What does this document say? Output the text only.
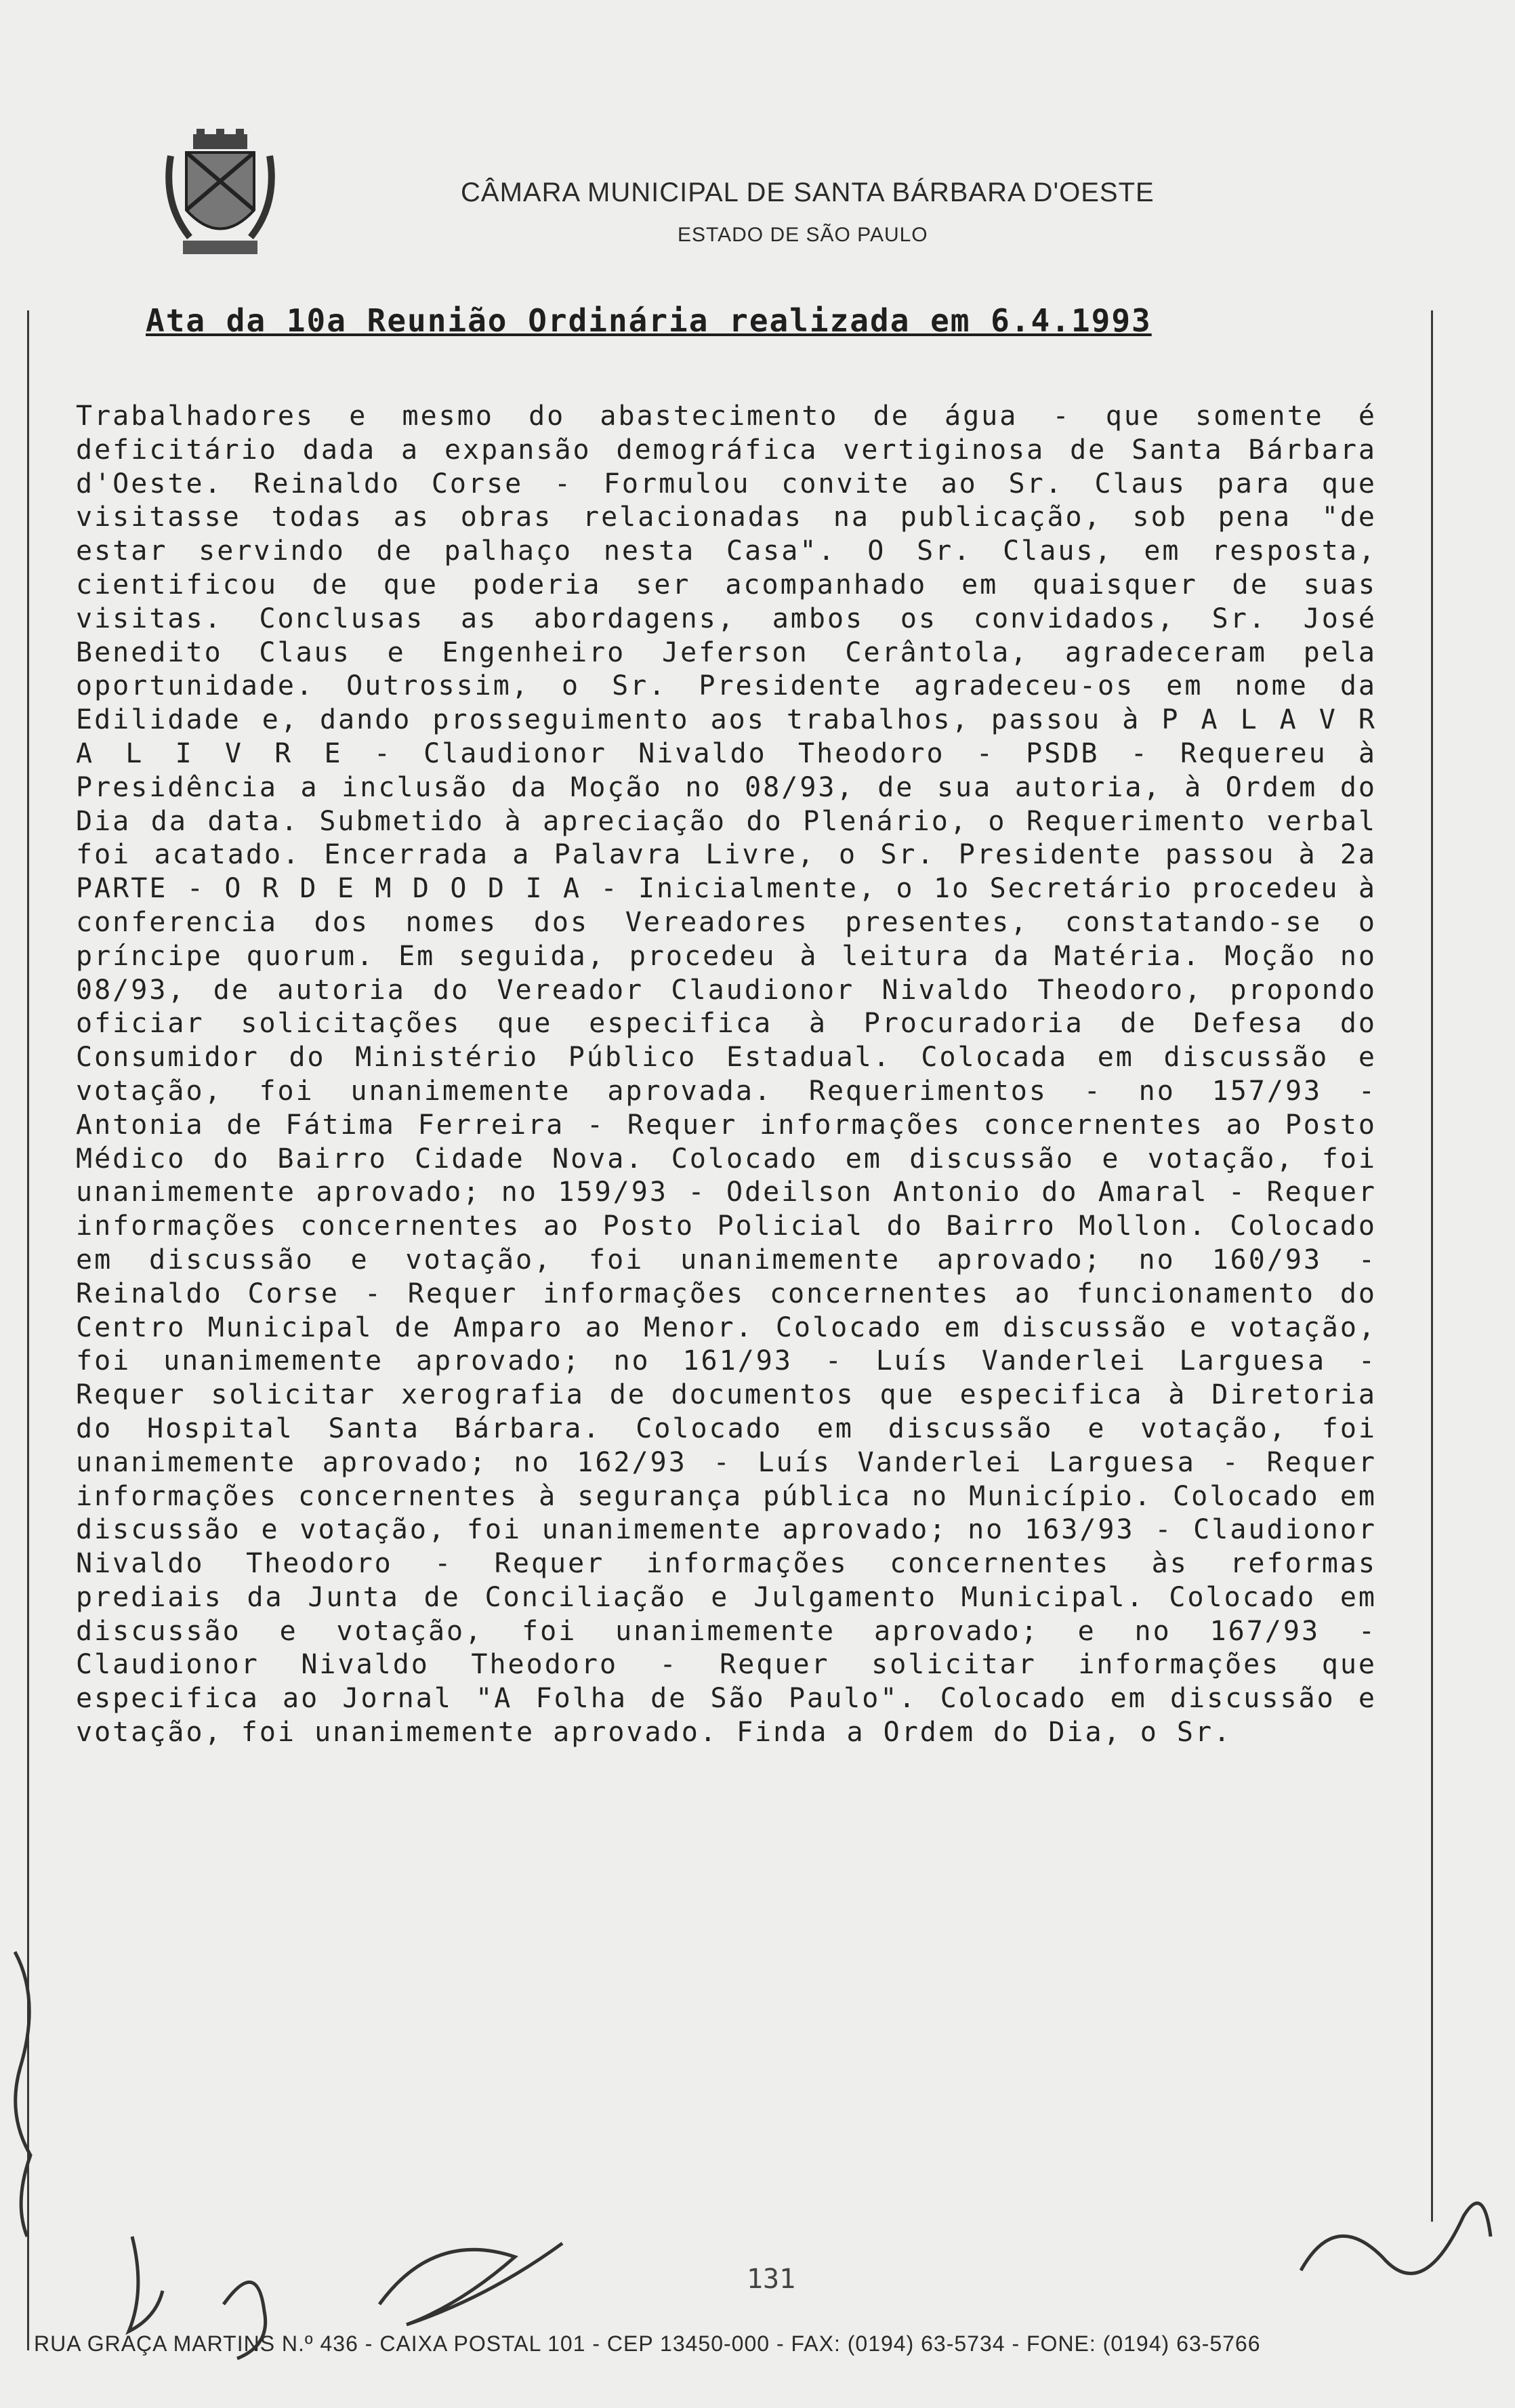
CÂMARA MUNICIPAL DE SANTA BÁRBARA D'OESTE
ESTADO DE SÃO PAULO
Ata da 10a Reunião Ordinária realizada em 6.4.1993
Trabalhadores e mesmo do abastecimento de água - que somente é deficitário dada a expansão demográfica vertiginosa de Santa Bárbara d'Oeste. Reinaldo Corse - Formulou convite ao Sr. Claus para que visitasse todas as obras relacionadas na publicação, sob pena "de estar servindo de palhaço nesta Casa". O Sr. Claus, em resposta, cientificou de que poderia ser acompanhado em quaisquer de suas visitas. Conclusas as abordagens, ambos os convidados, Sr. José Benedito Claus e Engenheiro Jeferson Cerântola, agradeceram pela oportunidade. Outrossim, o Sr. Presidente agradeceu-os em nome da Edilidade e, dando prosseguimento aos trabalhos, passou à P A L A V R A L I V R E - Claudionor Nivaldo Theodoro - PSDB - Requereu à Presidência a inclusão da Moção no 08/93, de sua autoria, à Ordem do Dia da data. Submetido à apreciação do Plenário, o Requerimento verbal foi acatado. Encerrada a Palavra Livre, o Sr. Presidente passou à 2a PARTE - O R D E M D O D I A - Inicialmente, o 1o Secretário procedeu à conferencia dos nomes dos Vereadores presentes, constatando-se o príncipe quorum. Em seguida, procedeu à leitura da Matéria. Moção no 08/93, de autoria do Vereador Claudionor Nivaldo Theodoro, propondo oficiar solicitações que especifica à Procuradoria de Defesa do Consumidor do Ministério Público Estadual. Colocada em discussão e votação, foi unanimemente aprovada. Requerimentos - no 157/93 - Antonia de Fátima Ferreira - Requer informações concernentes ao Posto Médico do Bairro Cidade Nova. Colocado em discussão e votação, foi unanimemente aprovado; no 159/93 - Odeilson Antonio do Amaral - Requer informações concernentes ao Posto Policial do Bairro Mollon. Colocado em discussão e votação, foi unanimemente aprovado; no 160/93 - Reinaldo Corse - Requer informações concernentes ao funcionamento do Centro Municipal de Amparo ao Menor. Colocado em discussão e votação, foi unanimemente aprovado; no 161/93 - Luís Vanderlei Larguesa - Requer solicitar xerografia de documentos que especifica à Diretoria do Hospital Santa Bárbara. Colocado em discussão e votação, foi unanimemente aprovado; no 162/93 - Luís Vanderlei Larguesa - Requer informações concernentes à segurança pública no Município. Colocado em discussão e votação, foi unanimemente aprovado; no 163/93 - Claudionor Nivaldo Theodoro - Requer informações concernentes às reformas prediais da Junta de Conciliação e Julgamento Municipal. Colocado em discussão e votação, foi unanimemente aprovado; e no 167/93 - Claudionor Nivaldo Theodoro - Requer solicitar informações que especifica ao Jornal "A Folha de São Paulo". Colocado em discussão e votação, foi unanimemente aprovado. Finda a Ordem do Dia, o Sr.
131
RUA GRAÇA MARTINS N.º 436 - CAIXA POSTAL 101 - CEP 13450-000 - FAX: (0194) 63-5734 - FONE: (0194) 63-5766
